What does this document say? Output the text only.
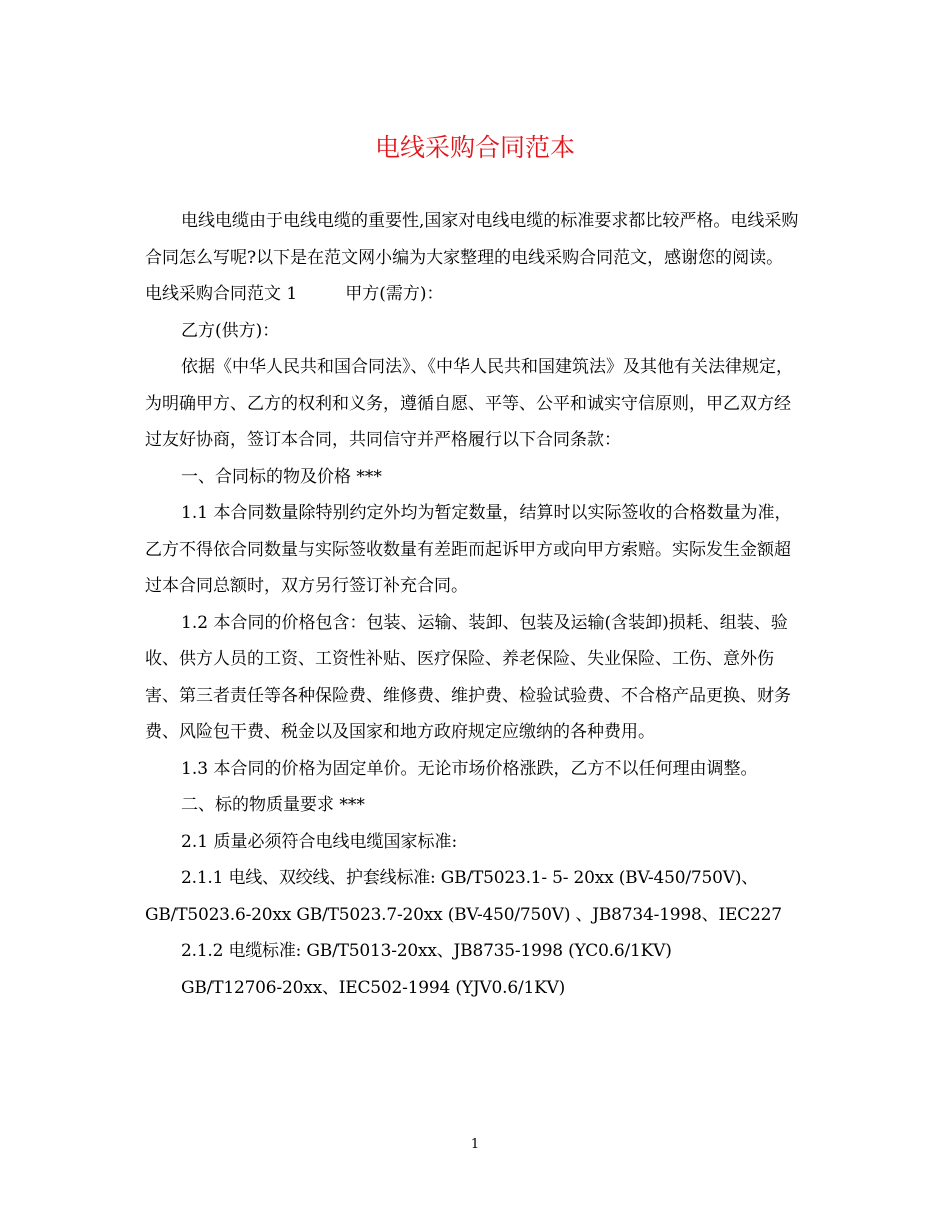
电线采购合同范本

电线电缆由于电线电缆的重要性,国家对电线电缆的标准要求都比较严格。电线采购合同怎么写呢?以下是在范文网小编为大家整理的电线采购合同范文，感谢您的阅读。

电线采购合同范文 1	甲方(需方)：

乙方(供方)：

依据《中华人民共和国合同法》、《中华人民共和国建筑法》及其他有关法律规定，为明确甲方、乙方的权利和义务，遵循自愿、平等、公平和诚实守信原则，甲乙双方经过友好协商，签订本合同，共同信守并严格履行以下合同条款：

一、合同标的物及价格 ***

1.1 本合同数量除特别约定外均为暂定数量，结算时以实际签收的合格数量为准，乙方不得依合同数量与实际签收数量有差距而起诉甲方或向甲方索赔。实际发生金额超过本合同总额时，双方另行签订补充合同。

1.2 本合同的价格包含：包装、运输、装卸、包装及运输(含装卸)损耗、组装、验收、供方人员的工资、工资性补贴、医疗保险、养老保险、失业保险、工伤、意外伤害、第三者责任等各种保险费、维修费、维护费、检验试验费、不合格产品更换、财务费、风险包干费、税金以及国家和地方政府规定应缴纳的各种费用。

1.3 本合同的价格为固定单价。无论市场价格涨跌，乙方不以任何理由调整。

二、标的物质量要求 ***

2.1 质量必须符合电线电缆国家标准:

2.1.1 电线、双绞线、护套线标准: GB/T5023.1- 5- 20xx (BV-450/750V)、

GB/T5023.6-20xx GB/T5023.7-20xx (BV-450/750V) 、JB8734-1998、IEC227

2.1.2 电缆标准: GB/T5013-20xx、JB8735-1998 (YC0.6/1KV)

GB/T12706-20xx、IEC502-1994 (YJV0.6/1KV)

1
